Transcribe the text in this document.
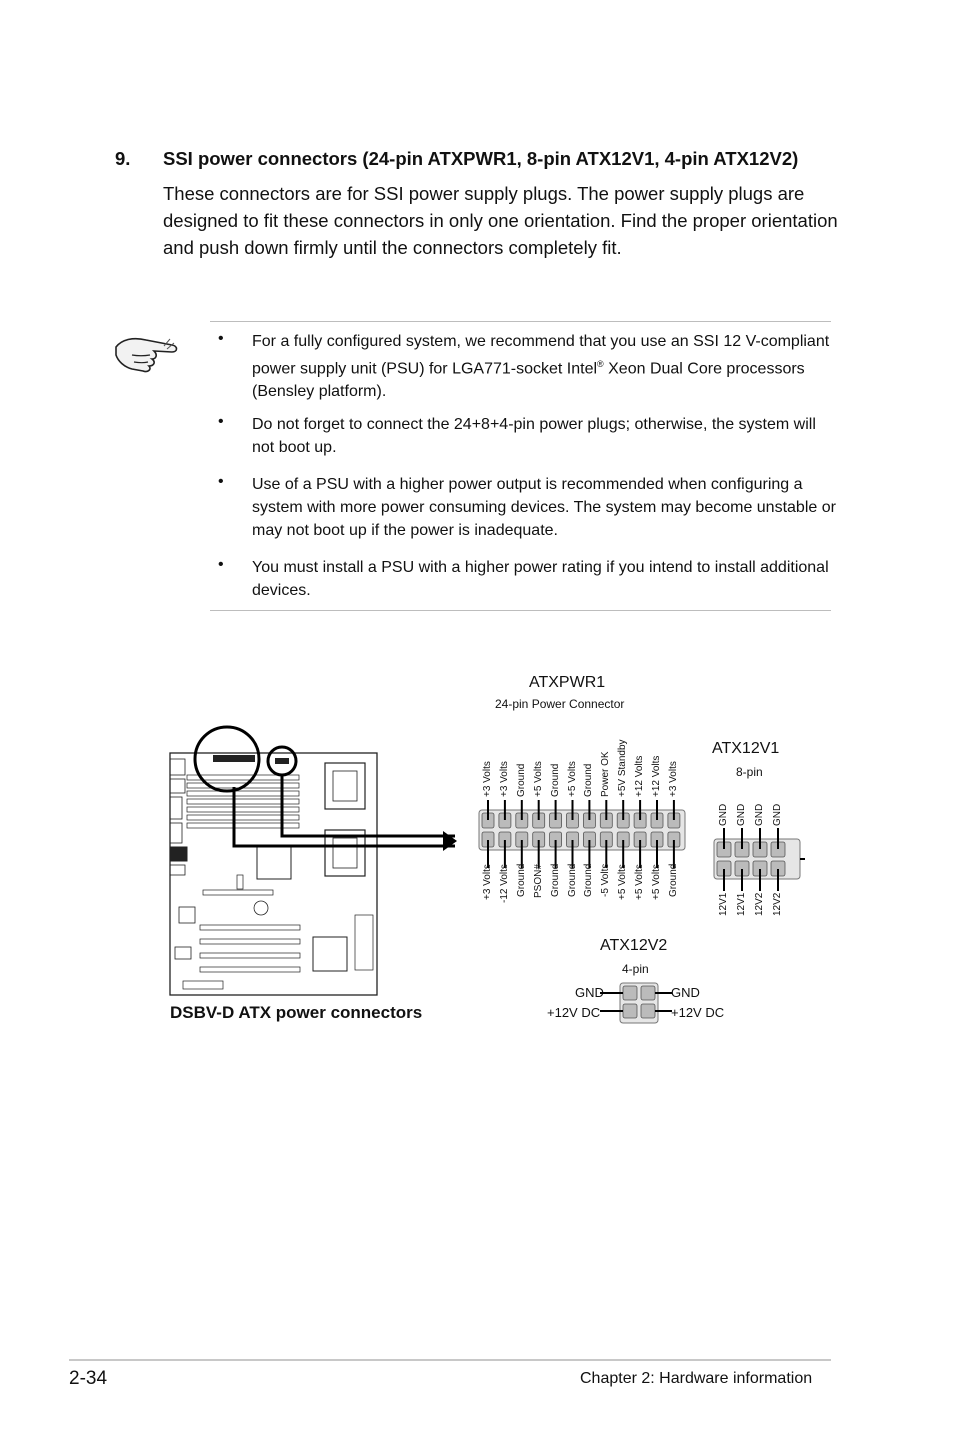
9. SSI power connectors (24-pin ATXPWR1, 8-pin ATX12V1, 4-pin ATX12V2)
These connectors are for SSI power supply plugs. The power supply plugs are designed to fit these connectors in only one orientation. Find the proper orientation and push down firmly until the connectors completely fit.
• For a fully configured system, we recommend that you use an SSI 12 V-compliant power supply unit (PSU) for LGA771-socket Intel® Xeon Dual Core processors (Bensley platform).
• Do not forget to connect the 24+8+4-pin power plugs; otherwise, the system will not boot up.
• Use of a PSU with a higher power output is recommended when configuring a system with more power consuming devices. The system may become unstable or may not boot up if the power is inadequate.
• You must install a PSU with a higher power rating if you intend to install additional devices.
DSBV-D ATX power connectors
ATXPWR1
24-pin Power Connector
ATX12V1
8-pin
ATX12V2
4-pin
GND
+12V DC
GND
+12V DC
2-34	Chapter 2: Hardware information
+3 Volts +3 Volts Ground +5 Volts Ground +5 Volts Ground Power OK +5V Standby +12 Volts +12 Volts +3 Volts
+3 Volts -12 Volts Ground PSON# Ground Ground Ground -5 Volts +5 Volts +5 Volts +5 Volts Ground
GND GND GND GND
12V1 12V1 12V2 12V2
